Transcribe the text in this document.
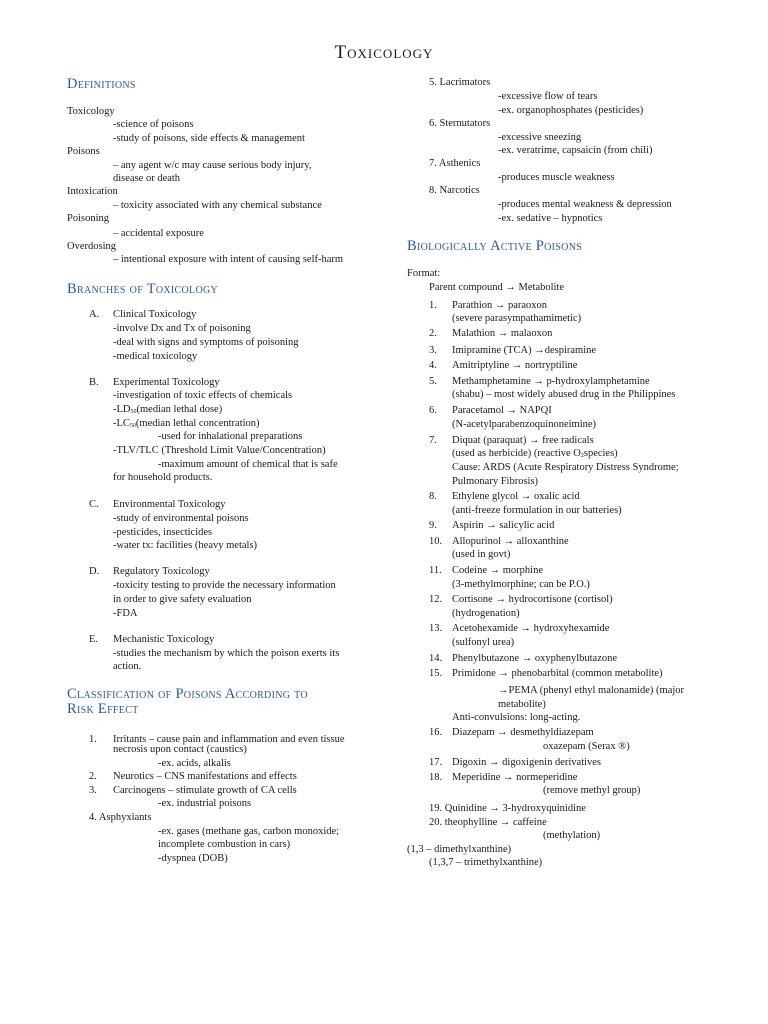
Toxicology
Definitions
Toxicology
-science of poisons
-study of poisons, side effects & management
Poisons
– any agent w/c may cause serious body injury,
disease or death
Intoxication
– toxicity associated with any chemical substance
Poisoning
– accidental exposure
Overdosing
– intentional exposure with intent of causing self-harm
Branches of Toxicology
A. Clinical Toxicology
-involve Dx and Tx of poisoning
-deal with signs and symptoms of poisoning
-medical toxicology
B. Experimental Toxicology
-investigation of toxic effects of chemicals
$-LD_{50}(median$ lethal dose)
$-LC_{50}(median$ lethal concentration)
-used for inhalational preparations
-TLV/TLC (Threshold Limit Value/Concentration)
-maximum amount of chemical that is safe
for household products.
C. Environmental Toxicology
-study of environmental poisons
-pesticides, insecticides
-water tx: facilities (heavy metals)
D. Regulatory Toxicology
-toxicity testing to provide the necessary information
in order to give safety evaluation
-FDA
E. Mechanistic Toxicology
-studies the mechanism by which the poison exerts its
action.
Classification of Poisons According to
Risk Effect
1. Irritants – cause pain and inflammation and even tissue
necrosis upon contact (caustics)
-ex. acids, alkalis
2. Neurotics – CNS manifestations and effects
3. Carcinogens – stimulate growth of CA cells
-ex. industrial poisons
4. Asphyxiants
-ex. gases (methane gas, carbon monoxide;
incomplete combustion in cars)
-dyspnea (DOB)
5. Lacrimators
-excessive flow of tears
-ex. organophosphates (pesticides)
6. Sternutators
-excessive sneezing
-ex. veratrime, capsaicin (from chili)
7. Asthenics
-produces muscle weakness
8. Narcotics
-produces mental weakness & depression
-ex. sedative – hypnotics
Biologically Active Poisons
Format:
Parent compound → Metabolite
1. Parathion → paraoxon
(severe parasympathamimetic)
2. Malathion → malaoxon
3. Imipramine (TCA) →despiramine
4. Amitriptyline → nortryptiline
5. Methamphetamine → p-hydroxylamphetamine
(shabu) – most widely abused drug in the Philippines
6. Paracetamol → NAPQI
(N-acetylparabenzoquinoneimine)
7. Diquat (paraquat) → free radicals
(used as herbicide) (reactive $O_2species$)
Cause: ARDS (Acute Respiratory Distress Syndrome;
Pulmonary Fibrosis)
8. Ethylene glycol → oxalic acid
(anti-freeze formulation in our batteries)
9. Aspirin → salicylic acid
10. Allopurinol → alloxanthine
(used in govt)
11. Codeine → morphine
(3-methylmorphine; can be P.O.)
12. Cortisone → hydrocortisone (cortisol)
(hydrogenation)
13. Acetohexamide → hydroxyhexamide
(sulfonyl urea)
14. Phenylbutazone → oxyphenylbutazone
15. Primidone → phenobarbital (common metabolite)
→PEMA (phenyl ethyl malonamide) (major
metabolite)
Anti-convulsions: long-acting.
16. Diazepam → desmethyldiazepam
oxazepam (Serax ®)
17. Digoxin → digoxigenin derivatives
18. Meperidine → normeperidine
(remove methyl group)
19. Quinidine → 3-hydroxyquinidine
20. theophylline → caffeine
(methylation)
(1,3 – dimethylxanthine)
(1,3,7 – trimethylxanthine)
